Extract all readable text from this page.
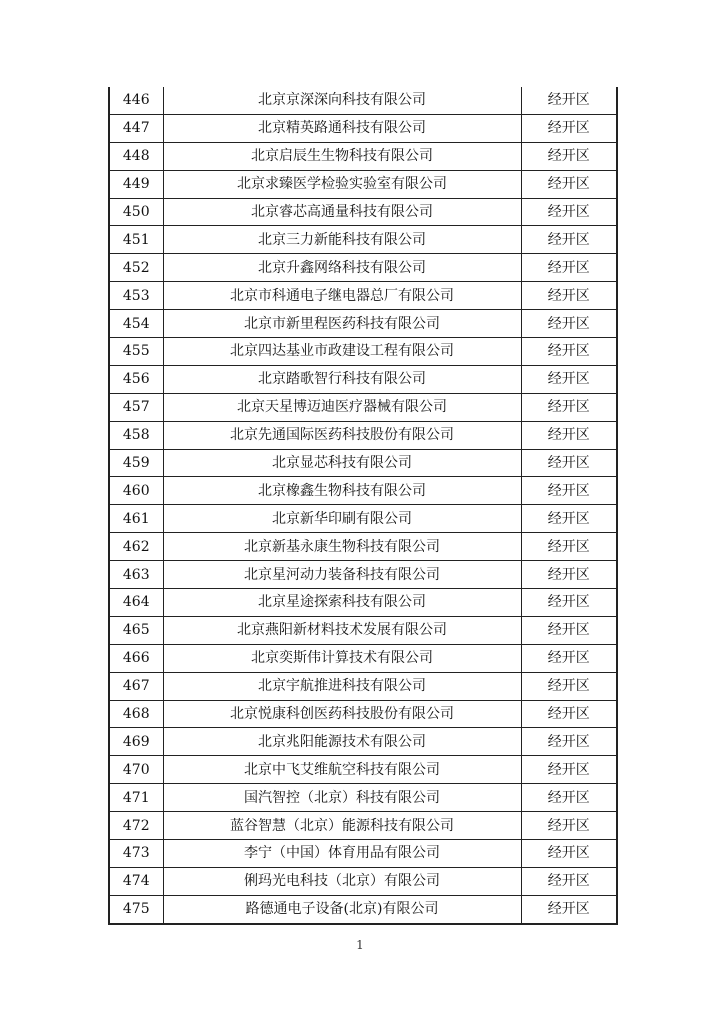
446	北京京深深向科技有限公司	经开区
447	北京精英路通科技有限公司	经开区
448	北京启辰生生物科技有限公司	经开区
449	北京求臻医学检验实验室有限公司	经开区
450	北京睿芯高通量科技有限公司	经开区
451	北京三力新能科技有限公司	经开区
452	北京升鑫网络科技有限公司	经开区
453	北京市科通电子继电器总厂有限公司	经开区
454	北京市新里程医药科技有限公司	经开区
455	北京四达基业市政建设工程有限公司	经开区
456	北京踏歌智行科技有限公司	经开区
457	北京天星博迈迪医疗器械有限公司	经开区
458	北京先通国际医药科技股份有限公司	经开区
459	北京显芯科技有限公司	经开区
460	北京橡鑫生物科技有限公司	经开区
461	北京新华印刷有限公司	经开区
462	北京新基永康生物科技有限公司	经开区
463	北京星河动力装备科技有限公司	经开区
464	北京星途探索科技有限公司	经开区
465	北京燕阳新材料技术发展有限公司	经开区
466	北京奕斯伟计算技术有限公司	经开区
467	北京宇航推进科技有限公司	经开区
468	北京悦康科创医药科技股份有限公司	经开区
469	北京兆阳能源技术有限公司	经开区
470	北京中飞艾维航空科技有限公司	经开区
471	国汽智控（北京）科技有限公司	经开区
472	蓝谷智慧（北京）能源科技有限公司	经开区
473	李宁（中国）体育用品有限公司	经开区
474	俐玛光电科技（北京）有限公司	经开区
475	路德通电子设备(北京)有限公司	经开区
1
